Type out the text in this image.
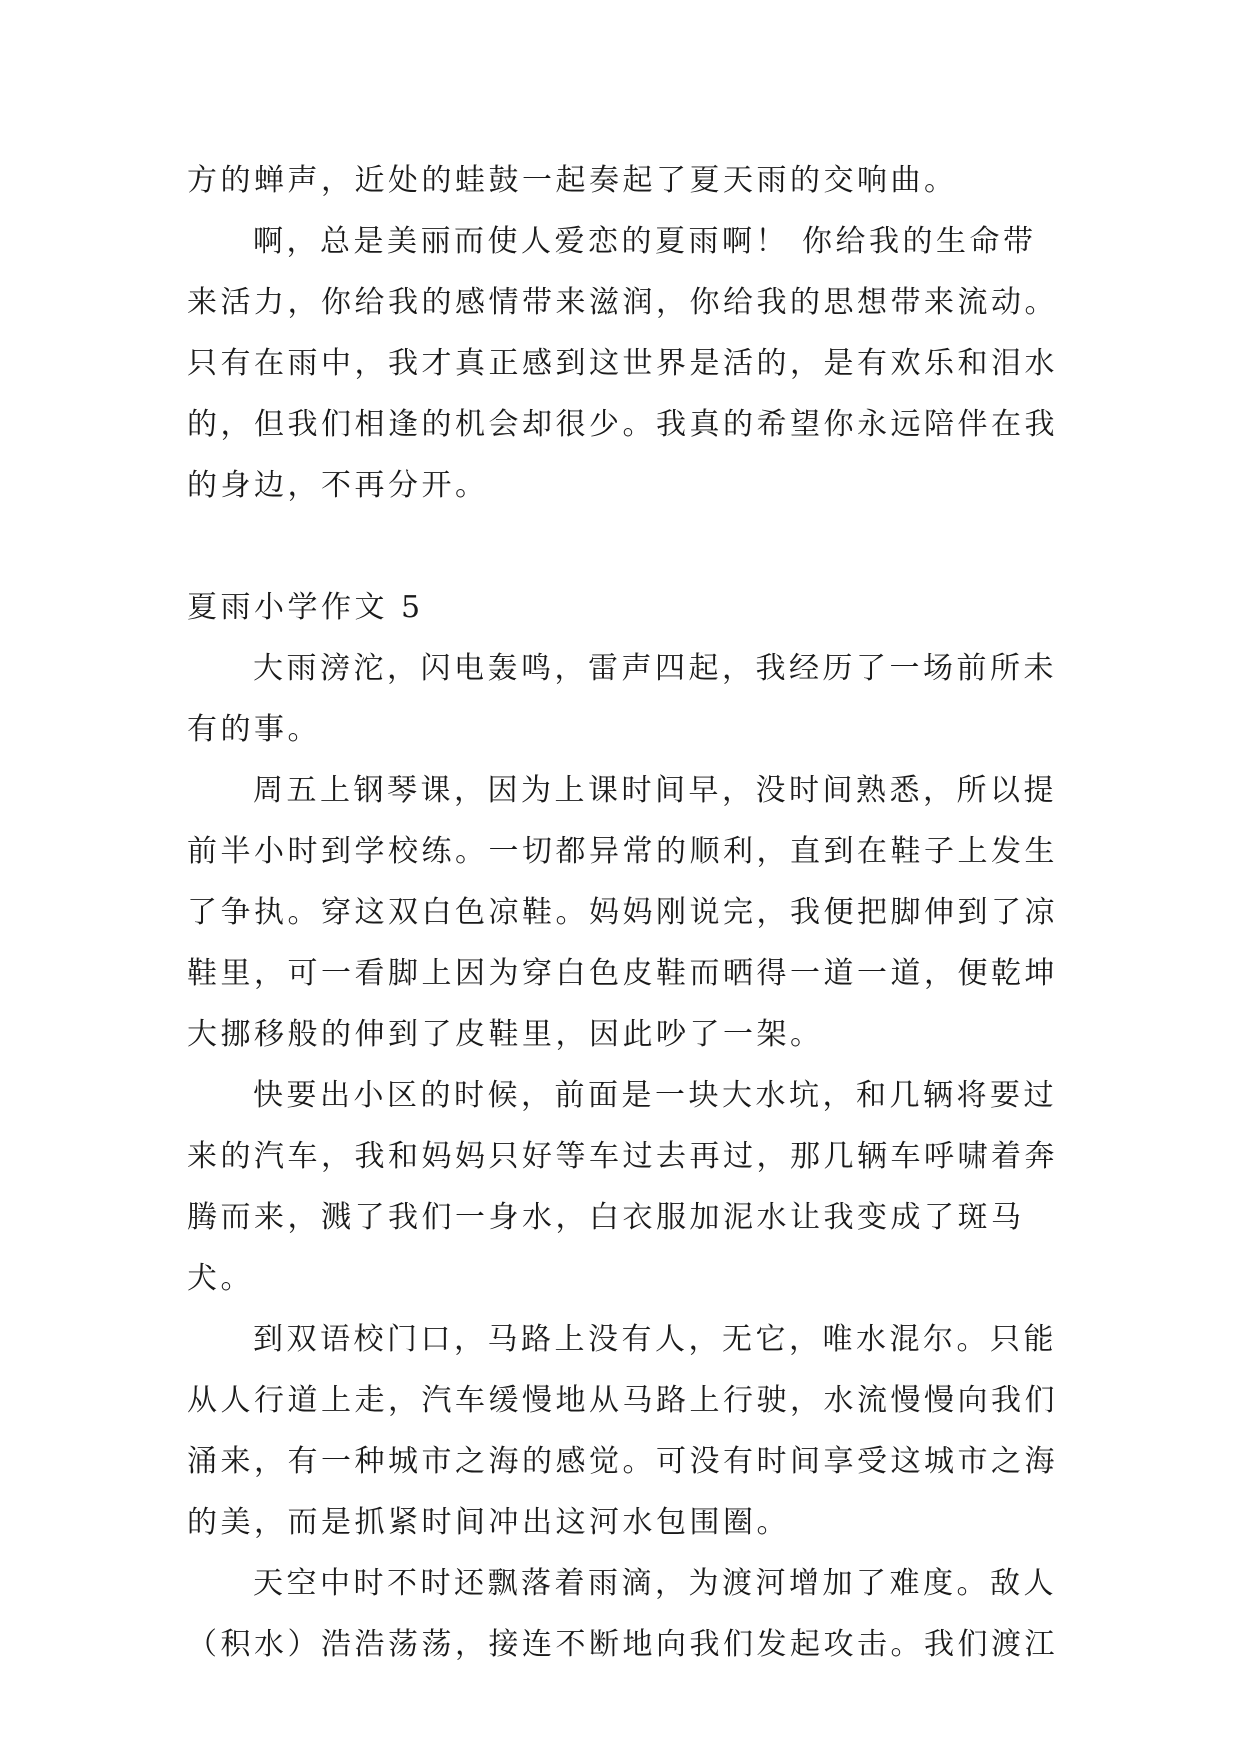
方的蝉声，近处的蛙鼓一起奏起了夏天雨的交响曲。

啊，总是美丽而使人爱恋的夏雨啊！ 你给我的生命带来活力，你给我的感情带来滋润，你给我的思想带来流动。只有在雨中，我才真正感到这世界是活的，是有欢乐和泪水的，但我们相逢的机会却很少。我真的希望你永远陪伴在我的身边，不再分开。

夏雨小学作文 5

大雨滂沱，闪电轰鸣，雷声四起，我经历了一场前所未有的事。

周五上钢琴课，因为上课时间早，没时间熟悉，所以提前半小时到学校练。一切都异常的顺利，直到在鞋子上发生了争执。穿这双白色凉鞋。妈妈刚说完，我便把脚伸到了凉鞋里，可一看脚上因为穿白色皮鞋而晒得一道一道，便乾坤大挪移般的伸到了皮鞋里，因此吵了一架。

快要出小区的时候，前面是一块大水坑，和几辆将要过来的汽车，我和妈妈只好等车过去再过，那几辆车呼啸着奔腾而来，溅了我们一身水，白衣服加泥水让我变成了斑马犬。

到双语校门口，马路上没有人，无它，唯水混尔。只能从人行道上走，汽车缓慢地从马路上行驶，水流慢慢向我们涌来，有一种城市之海的感觉。可没有时间享受这城市之海的美，而是抓紧时间冲出这河水包围圈。

天空中时不时还飘落着雨滴，为渡河增加了难度。敌人（积水）浩浩荡荡，接连不断地向我们发起攻击。我们渡江
